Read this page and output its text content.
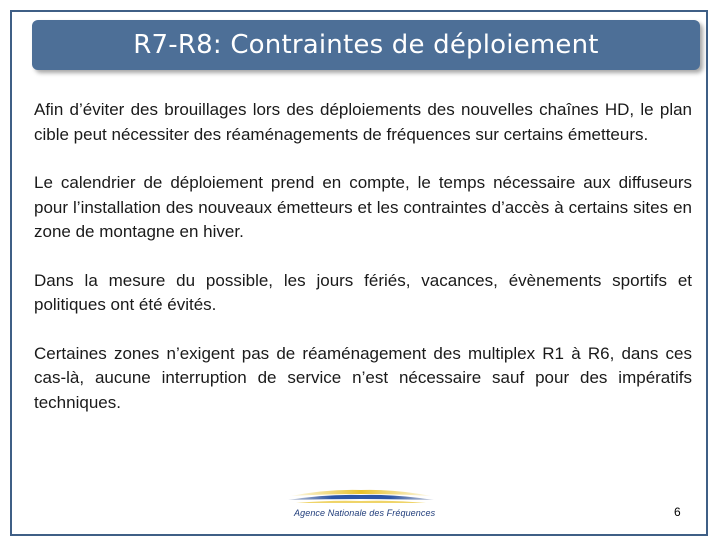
R7-R8: Contraintes de déploiement

Afin d’éviter des brouillages lors des déploiements des nouvelles chaînes HD, le plan cible peut nécessiter des réaménagements de fréquences sur certains émetteurs.

Le calendrier de déploiement prend en compte, le temps nécessaire aux diffuseurs pour l’installation des nouveaux émetteurs et les contraintes d’accès à certains sites en zone de montagne en hiver.

Dans la mesure du possible, les jours fériés, vacances, évènements sportifs et politiques ont été évités.

Certaines zones n’exigent pas de réaménagement des multiplex R1 à R6, dans ces cas-là, aucune interruption de service n’est nécessaire sauf pour des impératifs techniques.

Agence Nationale des Fréquences	6
